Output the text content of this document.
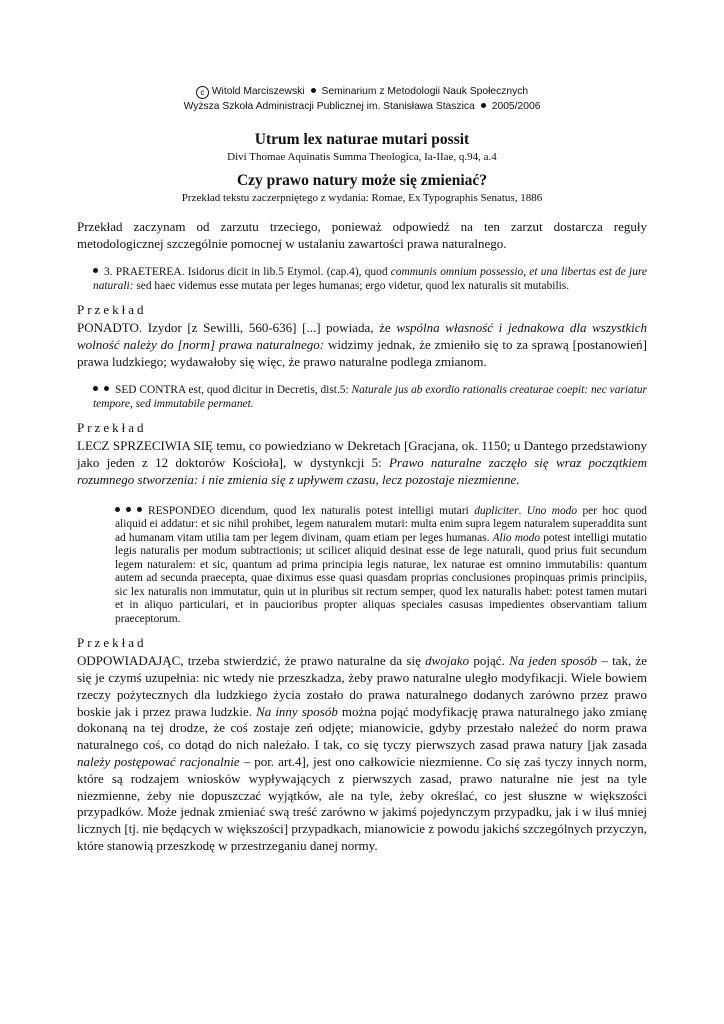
c Witold Marciszewski Seminarium z Metodologii Nauk Społecznych
Wyższa Szkoła Administracji Publicznej im. Stanisława Staszica 2005/2006
Utrum lex naturae mutari possit

Divi Thomae Aquinatis Summa Theologica, Ia-IIae, q.94, a.4

Czy prawo natury może się zmieniać?

Przekład tekstu zaczerpniętego z wydania: Romae, Ex Typographis Senatus, 1886

Przekład zaczynam od zarzutu trzeciego, ponieważ odpowiedź na ten zarzut dostarcza reguły metodologicznej szczególnie pomocnej w ustalaniu zawartości prawa naturalnego.

3. PRAETEREA. Isidorus dicit in lib.5 Etymol. (cap.4), quod communis omnium possessio, et una libertas est de jure naturali: sed haec videmus esse mutata per leges humanas; ergo videtur, quod lex naturalis sit mutabilis.

Przekład

PONADTO. Izydor [z Sewilli, 560-636] [...] powiada, że wspólna własność i jednakowa dla wszystkich wolność należy do [norm] prawa naturalnego: widzimy jednak, że zmieniło się to za sprawą [postanowień] prawa ludzkiego; wydawałoby się więc, że prawo naturalne podlega zmianom.

SED CONTRA est, quod dicitur in Decretis, dist.5: Naturale jus ab exordio rationalis creaturae coepit: nec variatur tempore, sed immutabile permanet.

Przekład

LECZ SPRZECIWIA SIĘ temu, co powiedziano w Dekretach [Gracjana, ok. 1150; u Dantego przedstawiony jako jeden z 12 doktorów Kościoła], w dystynkcji 5: Prawo naturalne zaczęło się wraz początkiem rozumnego stworzenia: i nie zmienia się z upływem czasu, lecz pozostaje niezmienne.

RESPONDEO dicendum, quod lex naturalis potest intelligi mutari dupliciter. Uno modo per hoc quod aliquid ei addatur: et sic nihil prohibet, legem naturalem mutari: multa enim supra legem naturalem superaddita sunt ad humanam vitam utilia tam per legem divinam, quam etiam per leges humanas. Alio modo potest intelligi mutatio legis naturalis per modum subtractionis; ut scilicet aliquid desinat esse de lege naturali, quod prius fuit secundum legem naturalem: et sic, quantum ad prima principia legis naturae, lex naturae est omnino immutabilis: quantum autem ad secunda praecepta, quae diximus esse quasi quasdam proprias conclusiones propinquas primis principiis, sic lex naturalis non immutatur, quin ut in pluribus sit rectum semper, quod lex naturalis habet: potest tamen mutari et in aliquo particulari, et in paucioribus propter aliquas speciales casusas impedientes observantiam talium praeceptorum.

Przekład

ODPOWIADAJĄC, trzeba stwierdzić, że prawo naturalne da się dwojako pojąć. Na jeden sposób – tak, że się je czymś uzupełnia: nic wtedy nie przeszkadza, żeby prawo naturalne uległo modyfikacji. Wiele bowiem rzeczy pożytecznych dla ludzkiego życia zostało do prawa naturalnego dodanych zarówno przez prawo boskie jak i przez prawa ludzkie. Na inny sposób można pojąć modyfikację prawa naturalnego jako zmianę dokonaną na tej drodze, że coś zostaje zeń odjęte; mianowicie, gdyby przestało należeć do norm prawa naturalnego coś, co dotąd do nich należało. I tak, co się tyczy pierwszych zasad prawa natury [jak zasada należy postępować racjonalnie – por. art.4], jest ono całkowicie niezmienne. Co się zaś tyczy innych norm, które są rodzajem wniosków wypływających z pierwszych zasad, prawo naturalne nie jest na tyle niezmienne, żeby nie dopuszczać wyjątków, ale na tyle, żeby określać, co jest słuszne w większości przypadków. Może jednak zmieniać swą treść zarówno w jakimś pojedynczym przypadku, jak i w iluś mniej licznych [tj. nie będących w większości] przypadkach, mianowicie z powodu jakichś szczególnych przyczyn, które stanowią przeszkodę w przestrzeganiu danej normy.
